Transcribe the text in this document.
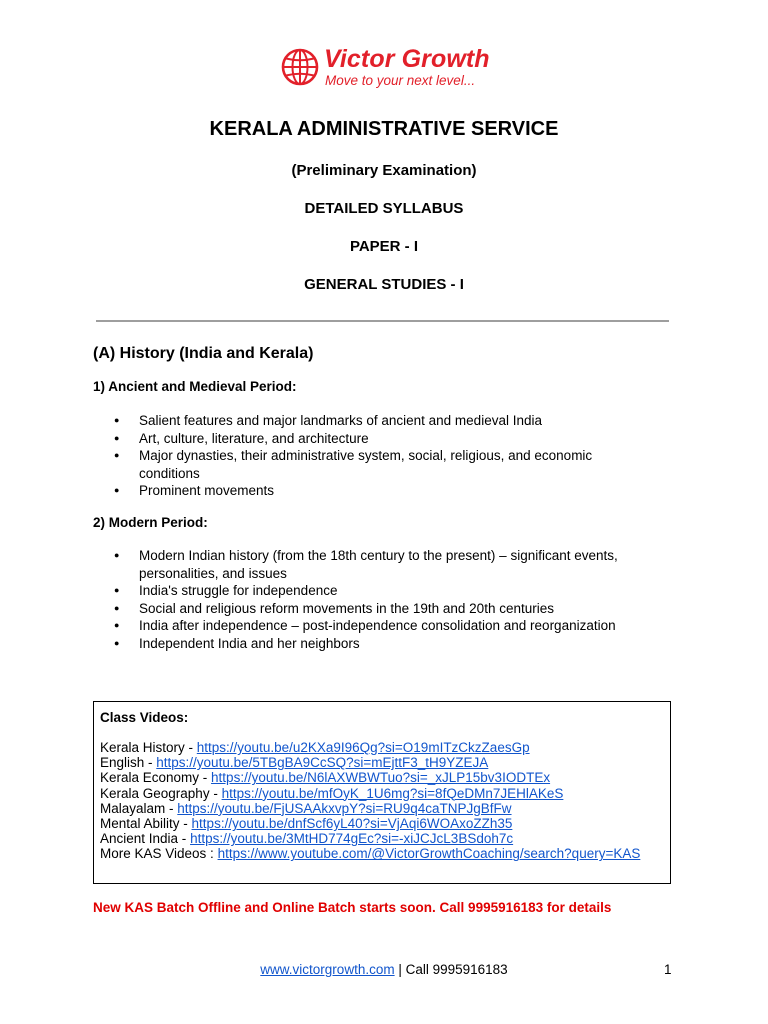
Victor Growth
Move to your next level...
KERALA ADMINISTRATIVE SERVICE
(Preliminary Examination)
DETAILED SYLLABUS
PAPER - I
GENERAL STUDIES - I
(A) History (India and Kerala)
1) Ancient and Medieval Period:
● Salient features and major landmarks of ancient and medieval India
● Art, culture, literature, and architecture
● Major dynasties, their administrative system, social, religious, and economic conditions
● Prominent movements
2) Modern Period:
● Modern Indian history (from the 18th century to the present) – significant events, personalities, and issues
● India's struggle for independence
● Social and religious reform movements in the 19th and 20th centuries
● India after independence – post-independence consolidation and reorganization
● Independent India and her neighbors
Class Videos:
Kerala History - https://youtu.be/u2KXa9I96Qg?si=O19mITzCkzZaesGp
English - https://youtu.be/5TBgBA9CcSQ?si=mEjttF3_tH9YZEJA
Kerala Economy - https://youtu.be/N6lAXWBWTuo?si=_xJLP15bv3IODTEx
Kerala Geography - https://youtu.be/mfOyK_1U6mg?si=8fQeDMn7JEHlAKeS
Malayalam - https://youtu.be/FjUSAAkxvpY?si=RU9q4caTNPJgBfFw
Mental Ability - https://youtu.be/dnfScf6yL40?si=VjAqi6WOAxoZZh35
Ancient India - https://youtu.be/3MtHD774gEc?si=-xiJCJcL3BSdoh7c
More KAS Videos : https://www.youtube.com/@VictorGrowthCoaching/search?query=KAS
New KAS Batch Offline and Online Batch starts soon. Call 9995916183 for details
www.victorgrowth.com | Call 9995916183	1
